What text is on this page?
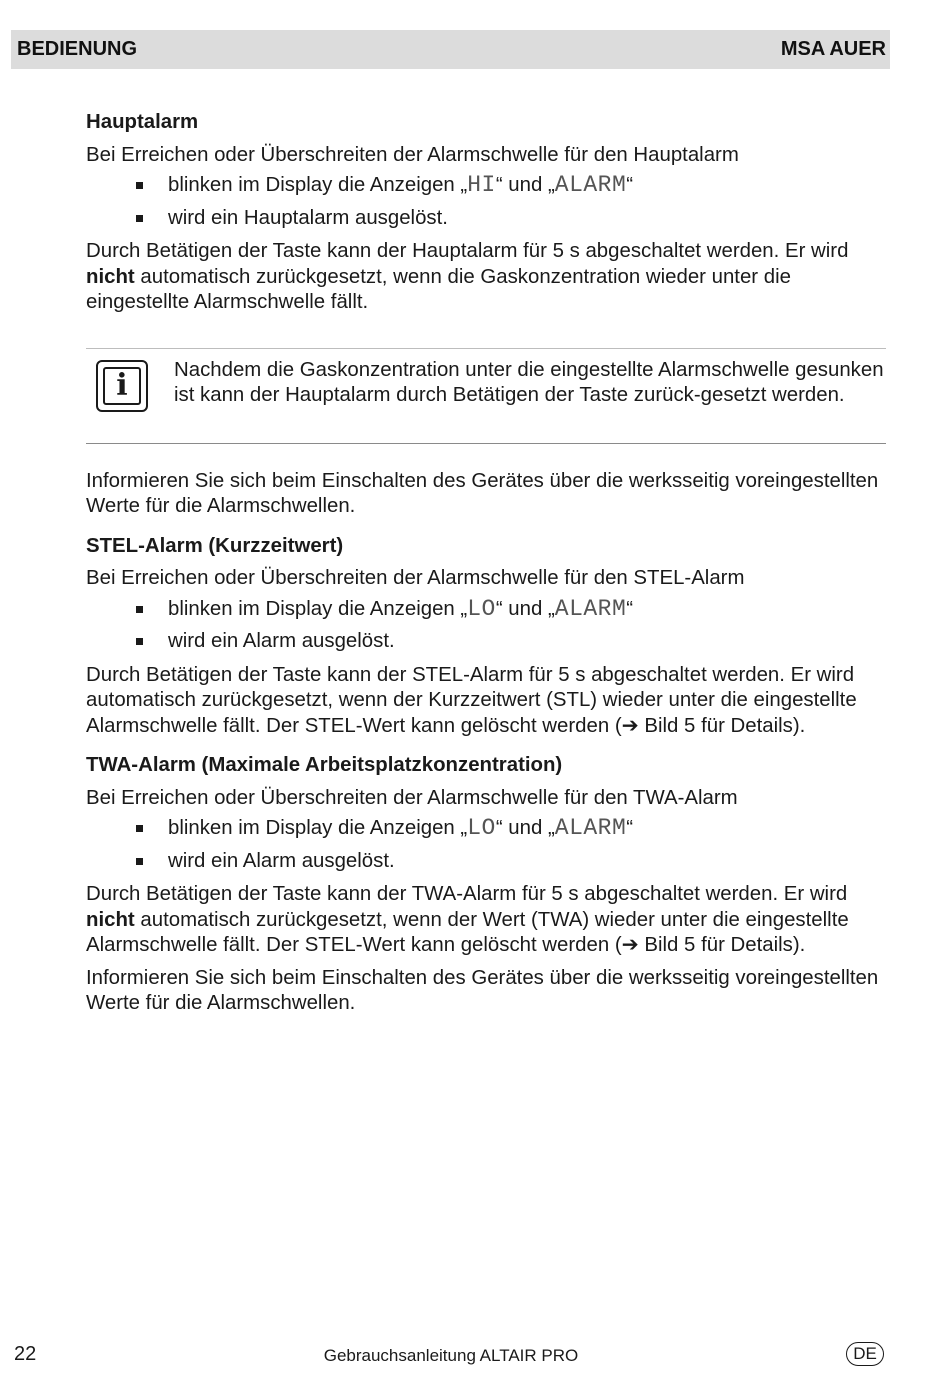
BEDIENUNG	MSA AUER

Hauptalarm

Bei Erreichen oder Überschreiten der Alarmschwelle für den Hauptalarm

blinken im Display die Anzeigen „HI“ und „ALARM“
wird ein Hauptalarm ausgelöst.

Durch Betätigen der Taste kann der Hauptalarm für 5 s abgeschaltet werden. Er wird nicht automatisch zurückgesetzt, wenn die Gaskonzentration wieder unter die eingestellte Alarmschwelle fällt.

i	Nachdem die Gaskonzentration unter die eingestellte Alarmschwelle gesunken ist kann der Hauptalarm durch Betätigen der Taste zurück-gesetzt werden.

Informieren Sie sich beim Einschalten des Gerätes über die werksseitig voreingestellten Werte für die Alarmschwellen.

STEL-Alarm (Kurzzeitwert)

Bei Erreichen oder Überschreiten der Alarmschwelle für den STEL-Alarm

blinken im Display die Anzeigen „LO“ und „ALARM“
wird ein Alarm ausgelöst.

Durch Betätigen der Taste kann der STEL-Alarm für 5 s abgeschaltet werden. Er wird automatisch zurückgesetzt, wenn der Kurzzeitwert (STL) wieder unter die eingestellte Alarmschwelle fällt. Der STEL-Wert kann gelöscht werden (➔ Bild 5 für Details).

TWA-Alarm (Maximale Arbeitsplatzkonzentration)

Bei Erreichen oder Überschreiten der Alarmschwelle für den TWA-Alarm

blinken im Display die Anzeigen „LO“ und „ALARM“
wird ein Alarm ausgelöst.

Durch Betätigen der Taste kann der TWA-Alarm für 5 s abgeschaltet werden. Er wird nicht automatisch zurückgesetzt, wenn der Wert (TWA) wieder unter die eingestellte Alarmschwelle fällt. Der STEL-Wert kann gelöscht werden (➔ Bild 5 für Details).

Informieren Sie sich beim Einschalten des Gerätes über die werksseitig voreingestellten Werte für die Alarmschwellen.

22	Gebrauchsanleitung ALTAIR PRO	DE
